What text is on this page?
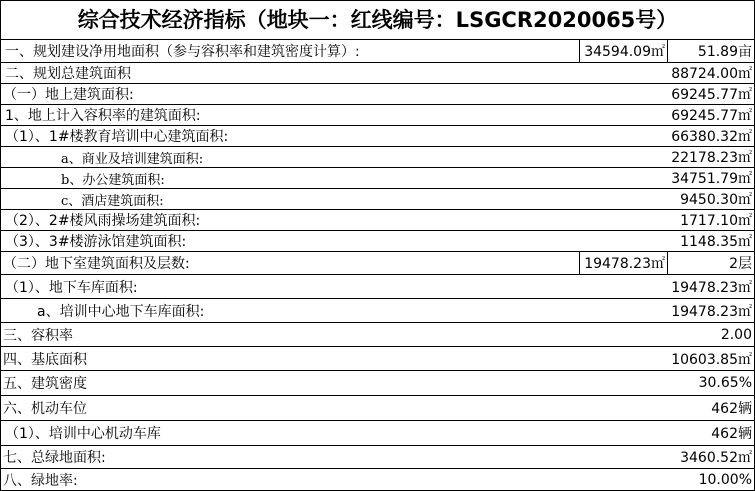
综合技术经济指标（地块一：红线编号：LSGCR2020065号）
一、规划建设净用地面积（参与容积率和建筑密度计算）:	34594.09㎡ 51.89亩
二、规划总建筑面积	88724.00㎡
（一）地上建筑面积:	69245.77㎡
1、地上计入容积率的建筑面积:	69245.77㎡
（1）、1#楼教育培训中心建筑面积:	66380.32㎡
a、商业及培训建筑面积:	22178.23㎡
b、办公建筑面积:	34751.79㎡
c、酒店建筑面积:	9450.30㎡
（2）、2#楼风雨操场建筑面积:	1717.10㎡
（3）、3#楼游泳馆建筑面积:	1148.35㎡
（二）地下室建筑面积及层数:	19478.23㎡	2层
（1）、地下车库面积:	19478.23㎡
a、培训中心地下车库面积:	19478.23㎡
三、容积率	2.00
四、基底面积	10603.85㎡
五、建筑密度	30.65%
六、机动车位	462辆
（1）、培训中心机动车库	462辆
七、总绿地面积:	3460.52㎡
八、绿地率:	10.00%
